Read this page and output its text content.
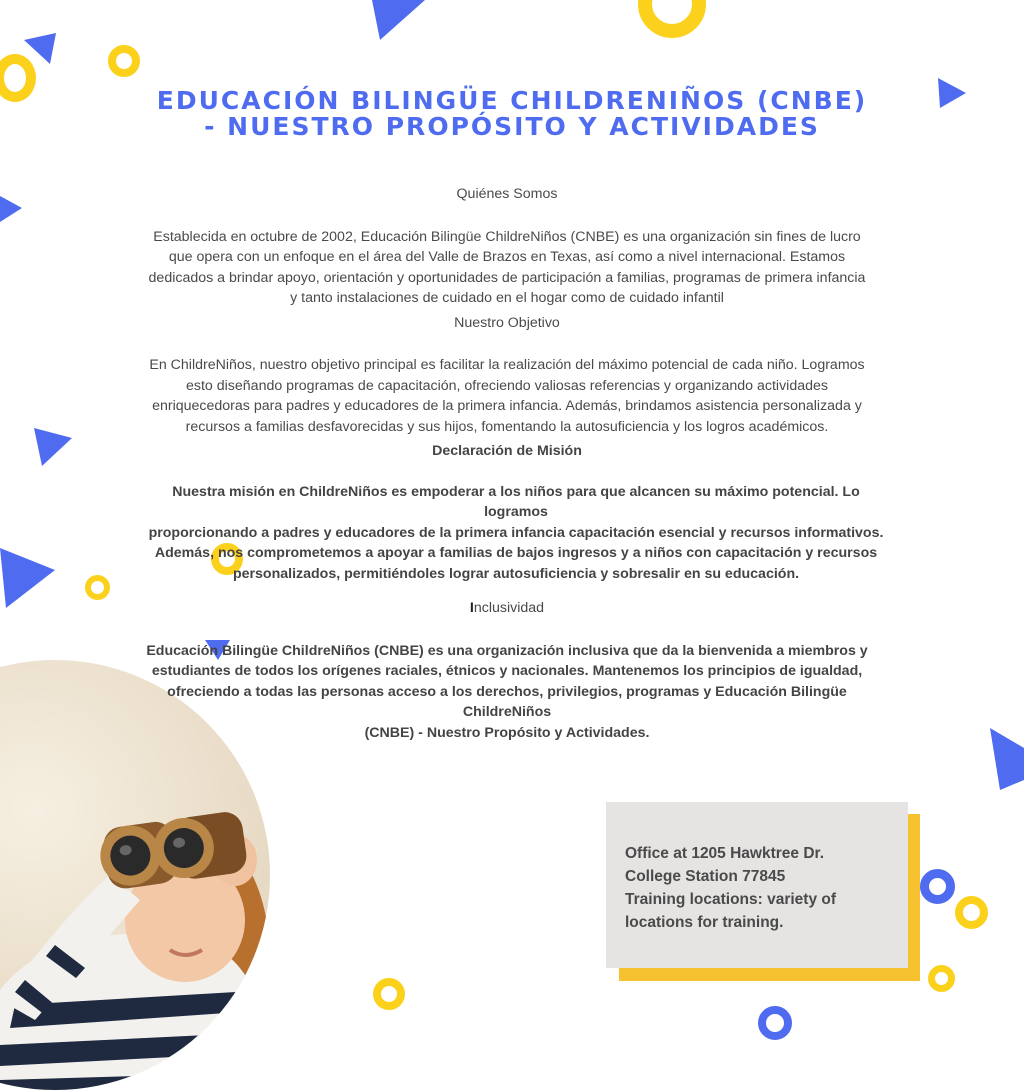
EDUCACIÓN BILINGÜE CHILDRENIÑOS (CNBE)
- NUESTRO PROPÓSITO Y ACTIVIDADES

Quiénes Somos

Establecida en octubre de 2002, Educación Bilingüe ChildreNiños (CNBE) es una organización sin fines de lucro
que opera con un enfoque en el área del Valle de Brazos en Texas, así como a nivel internacional. Estamos
dedicados a brindar apoyo, orientación y oportunidades de participación a familias, programas de primera infancia
y tanto instalaciones de cuidado en el hogar como de cuidado infantil

Nuestro Objetivo

En ChildreNiños, nuestro objetivo principal es facilitar la realización del máximo potencial de cada niño. Logramos
esto diseñando programas de capacitación, ofreciendo valiosas referencias y organizando actividades
enriquecedoras para padres y educadores de la primera infancia. Además, brindamos asistencia personalizada y
recursos a familias desfavorecidas y sus hijos, fomentando la autosuficiencia y los logros académicos.

Declaración de Misión

Nuestra misión en ChildreNiños es empoderar a los niños para que alcancen su máximo potencial. Lo logramos
proporcionando a padres y educadores de la primera infancia capacitación esencial y recursos informativos.
Además, nos comprometemos a apoyar a familias de bajos ingresos y a niños con capacitación y recursos
personalizados, permitiéndoles lograr autosuficiencia y sobresalir en su educación.

Inclusividad

Educación Bilingüe ChildreNiños (CNBE) es una organización inclusiva que da la bienvenida a miembros y
estudiantes de todos los orígenes raciales, étnicos y nacionales. Mantenemos los principios de igualdad,
ofreciendo a todas las personas acceso a los derechos, privilegios, programas y Educación Bilingüe ChildreNiños
(CNBE) - Nuestro Propósito y Actividades.

Office at 1205 Hawktree Dr.
College Station 77845
Training locations: variety of
locations for training.
